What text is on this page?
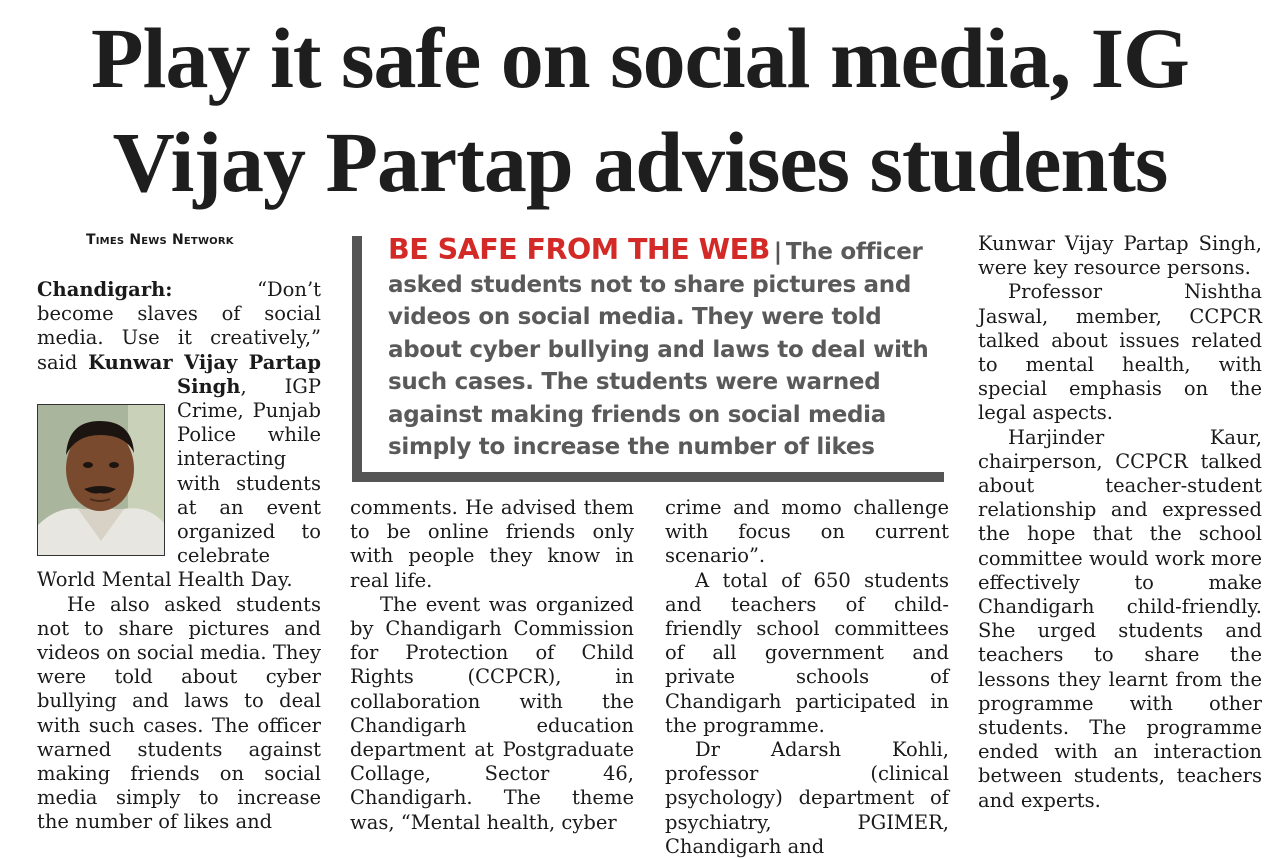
Play it safe on social media, IG Vijay Partap advises students
Times News Network

Chandigarh:	“Don’t become slaves of social media. Use it creatively,” said Kunwar Vijay Partap Singh, IGP Crime, Punjab Police while interacting with students at an event organized to celebrate World Mental Health Day.

He also asked students not to share pictures and videos on social media. They were told about cyber bullying and laws to deal with such cases. The officer warned students against making friends on social media simply to increase the number of likes and

BE SAFE FROM THE WEB | The officer asked students not to share pictures and videos on social media. They were told about cyber bullying and laws to deal with such cases. The students were warned against making friends on social media simply to increase the number of likes

comments. He advised them to be online friends only with people they know in real life.

The event was organized by Chandigarh Commission for Protection of Child Rights (CCPCR), in collaboration with the Chandigarh education department at Postgraduate Collage, Sector 46, Chandigarh. The theme was, “Mental health, cyber

crime and momo challenge with focus on current scenario”.

A total of 650 students and teachers of child-friendly school committees of all government and private schools of Chandigarh participated in the programme.

Dr Adarsh Kohli, professor (clinical psychology) department of psychiatry, PGIMER, Chandigarh and

Kunwar Vijay Partap Singh, were key resource persons.

Professor Nishtha Jaswal, member, CCPCR talked about issues related to mental health, with special emphasis on the legal aspects.

Harjinder Kaur, chairperson, CCPCR talked about teacher-student relationship and expressed the hope that the school committee would work more effectively to make Chandigarh child-friendly. She urged students and teachers to share the lessons they learnt from the programme with other students. The programme ended with an interaction between students, teachers and experts.
